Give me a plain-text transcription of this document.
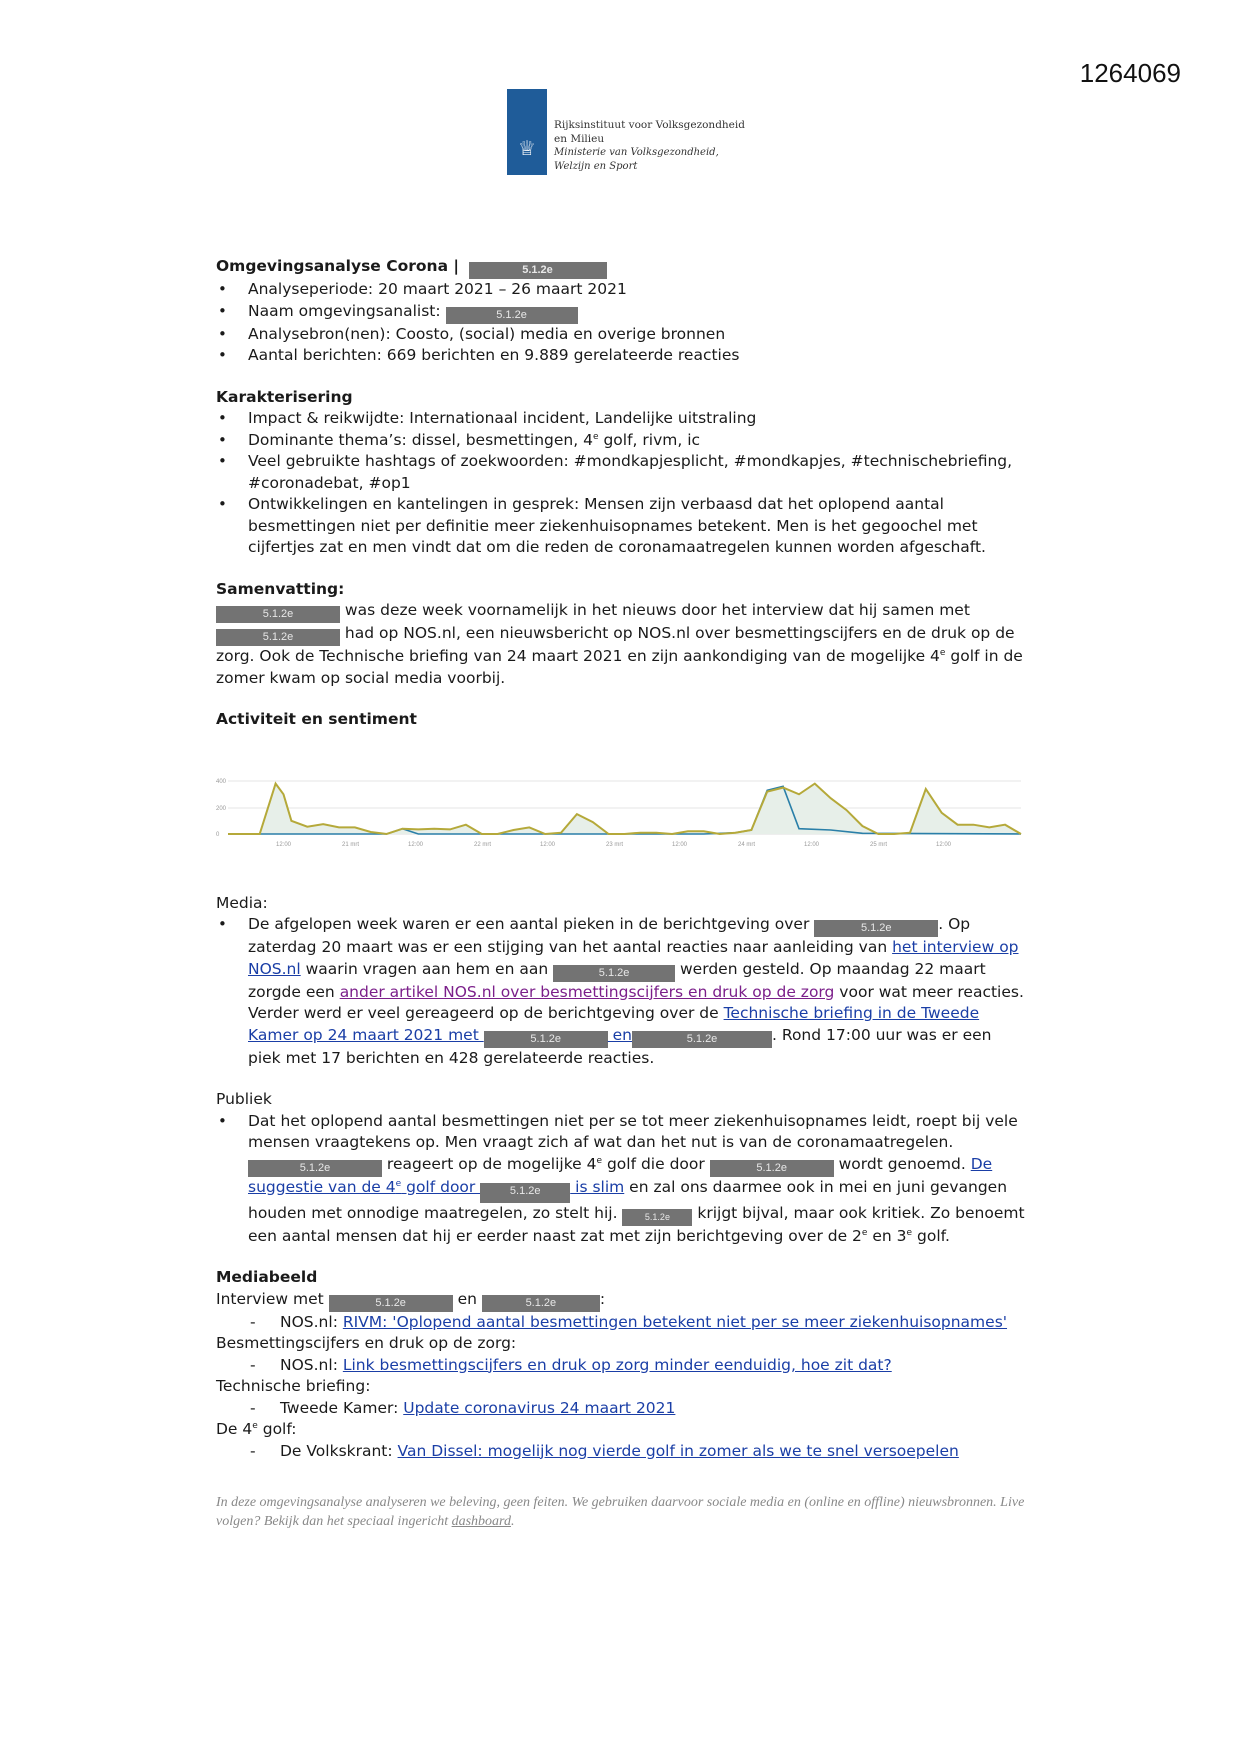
1264069
♕
Rijksinstituut voor Volksgezondheid
en Milieu
Ministerie van Volksgezondheid,
Welzijn en Sport
Omgevingsanalyse Corona |	5.1.2e
• Analyseperiode: 20 maart 2021 – 26 maart 2021
• Naam omgevingsanalist:	5.1.2e
• Analysebron(nen): Coosto, (social) media en overige bronnen
• Aantal berichten: 669 berichten en 9.889 gerelateerde reacties
Karakterisering
• Impact & reikwijdte: Internationaal incident, Landelijke uitstraling
• Dominante thema’s: dissel, besmettingen, 4e golf, rivm, ic
• Veel gebruikte hashtags of zoekwoorden: #mondkapjesplicht, #mondkapjes, #technischebriefing, #coronadebat, #op1
• Ontwikkelingen en kantelingen in gesprek: Mensen zijn verbaasd dat het oplopend aantal besmettingen niet per definitie meer ziekenhuisopnames betekent. Men is het gegoochel met cijfertjes zat en men vindt dat om die reden de coronamaatregelen kunnen worden afgeschaft.
Samenvatting:
5.1.2e	was deze week voornamelijk in het nieuws door het interview dat hij samen met 5.1.2e	had op NOS.nl, een nieuwsbericht op NOS.nl over besmettingscijfers en de druk op de zorg. Ook de Technische briefing van 24 maart 2021 en zijn aankondiging van de mogelijke 4e golf in de zomer kwam op social media voorbij.
Activiteit en sentiment
400
200
0
12:00	21 mrt	12:00	22 mrt	12:00	23 mrt	12:00	24 mrt	12:00	25 mrt	12:00
Media:
• De afgelopen week waren er een aantal pieken in de berichtgeving over	5.1.2e	. Op zaterdag 20 maart was er een stijging van het aantal reacties naar aanleiding van het interview op NOS.nl waarin vragen aan hem en aan	5.1.2e	werden gesteld. Op maandag 22 maart zorgde een ander artikel NOS.nl over besmettingscijfers en druk op de zorg voor wat meer reacties. Verder werd er veel gereageerd op de berichtgeving over de Technische briefing in de Tweede Kamer op 24 maart 2021 met	5.1.2e	en	5.1.2e	. Rond 17:00 uur was er een piek met 17 berichten en 428 gerelateerde reacties.
Publiek
• Dat het oplopend aantal besmettingen niet per se tot meer ziekenhuisopnames leidt, roept bij vele mensen vraagtekens op. Men vraagt zich af wat dan het nut is van de coronamaatregelen. 5.1.2e	reageert op de mogelijke 4e golf die door	5.1.2e	wordt genoemd. De suggestie van de 4e golf door	5.1.2e is slim en zal ons daarmee ook in mei en juni gevangen houden met onnodige maatregelen, zo stelt hij. 5.1.2e krijgt bijval, maar ook kritiek. Zo benoemt een aantal mensen dat hij er eerder naast zat met zijn berichtgeving over de 2e en 3e golf.
Mediabeeld
Interview met	5.1.2e	en	5.1.2e	:
- NOS.nl: RIVM: 'Oplopend aantal besmettingen betekent niet per se meer ziekenhuisopnames'
Besmettingscijfers en druk op de zorg:
- NOS.nl: Link besmettingscijfers en druk op zorg minder eenduidig, hoe zit dat?
Technische briefing:
- Tweede Kamer: Update coronavirus 24 maart 2021
De 4e golf:
- De Volkskrant: Van Dissel: mogelijk nog vierde golf in zomer als we te snel versoepelen
In deze omgevingsanalyse analyseren we beleving, geen feiten. We gebruiken daarvoor sociale media en (online en offline) nieuwsbronnen. Live volgen? Bekijk dan het speciaal ingericht dashboard.
